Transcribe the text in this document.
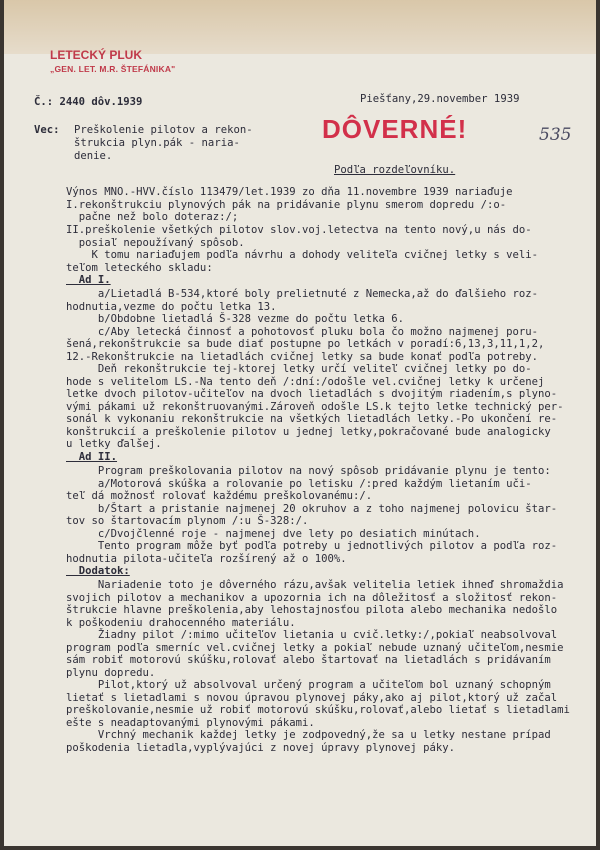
LETECKÝ PLUK
„GEN. LET. M.R. ŠTEFÁNIKA"
Č.: 2440 dôv.1939	Piešťany,29.november 1939
DÔVERNÉ!	535
Vec: Preškolenie pilotov a rekon-
štrukcia plyn.pák - naria-
denie.
Podľa rozdeľovníku.
Výnos MNO.-HVV.číslo 113479/let.1939 zo dňa 11.novembre 1939 nariaďuje
I.rekonštrukciu plynových pák na pridávanie plynu smerom dopredu /:o-
pačne než bolo doteraz:/;
II.preškolenie všetkých pilotov slov.voj.letectva na tento nový,u nás do-
posiaľ nepoužívaný spôsob.
K tomu nariaďujem podľa návrhu a dohody veliteľa cvičnej letky s veli-
teľom leteckého skladu:
Ad I.
a/Lietadlá B-534,ktoré boly prelietnuté z Nemecka,až do ďalšieho roz-
hodnutia,vezme do počtu letka 13.
b/Obdobne lietadlá Š-328 vezme do počtu letka 6.
c/Aby letecká činnosť a pohotovosť pluku bola čo možno najmenej poru-
šená,rekonštrukcie sa bude diať postupne po letkách v poradí:6,13,3,11,1,2,
12.-Rekonštrukcie na lietadlách cvičnej letky sa bude konať podľa potreby.
Deň rekonštrukcie tej-ktorej letky určí veliteľ cvičnej letky po do-
hode s velitelom LS.-Na tento deň /:dní:/odošle vel.cvičnej letky k určenej
letke dvoch pilotov-učiteľov na dvoch lietadlách s dvojitým riadením,s plyno-
vými pákami už rekonštruovanými.Zároveň odošle LS.k tejto letke technický per-
sonál k vykonaniu rekonštrukcie na všetkých lietadlách letky.-Po ukončení re-
konštrukcií a preškolenie pilotov u jednej letky,pokračované bude analogicky
u letky ďalšej.
Ad II.
Program preškolovania pilotov na nový spôsob pridávanie plynu je tento:
a/Motorová skúška a rolovanie po letisku /:pred každým lietaním uči-
teľ dá možnosť rolovať každému preškolovanému:/.
b/Štart a pristanie najmenej 20 okruhov a z toho najmenej polovicu štar-
tov so štartovacím plynom /:u Š-328:/.
c/Dvojčlenné roje - najmenej dve lety po desiatich minútach.
Tento program môže byť podľa potreby u jednotlivých pilotov a podľa roz-
hodnutia pilota-učiteľa rozšírený až o 100%.
Dodatok:
Nariadenie toto je dôverného rázu,avšak velitelia letiek ihneď shromaždia
svojich pilotov a mechanikov a upozornia ich na dôležitosť a složitosť rekon-
štrukcie hlavne preškolenia,aby lehostajnosťou pilota alebo mechanika nedošlo
k poškodeniu drahocenného materiálu.
Žiadny pilot /:mimo učiteľov lietania u cvič.letky:/,pokiaľ neabsolvoval
program podľa smerníc vel.cvičnej letky a pokiaľ nebude uznaný učiteľom,nesmie
sám robiť motorovú skúšku,rolovať alebo štartovať na lietadlách s pridávaním
plynu dopredu.
Pilot,ktorý už absolvoval určený program a učiteľom bol uznaný schopným
lietať s lietadlami s novou úpravou plynovej páky,ako aj pilot,ktorý už začal
preškolovanie,nesmie už robiť motorovú skúšku,rolovať,alebo lietať s lietadlami
ešte s neadaptovanými plynovými pákami.
Vrchný mechanik každej letky je zodpovedný,že sa u letky nestane prípad
poškodenia lietadla,vyplývajúci z novej úpravy plynovej páky.
